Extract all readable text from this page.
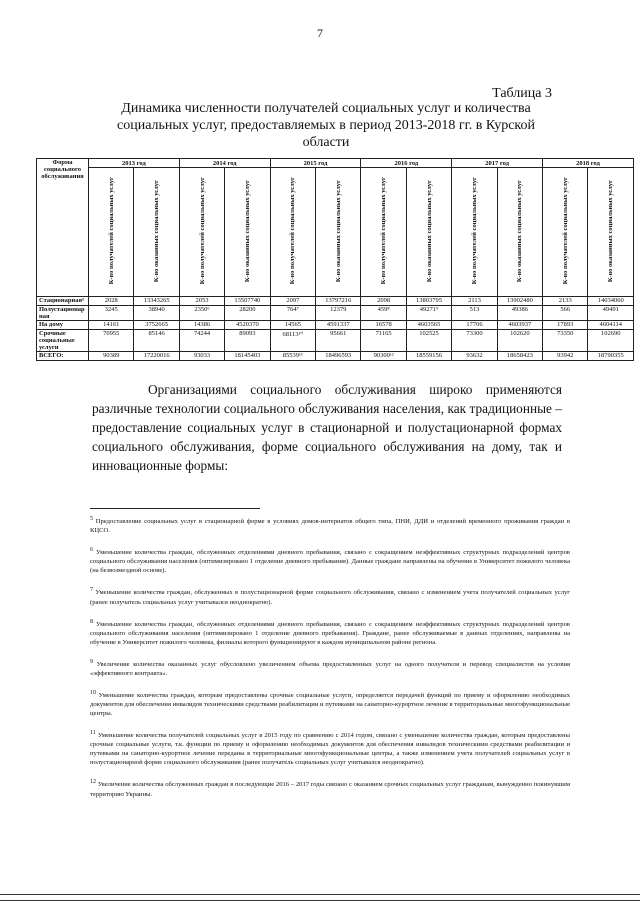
7
Таблица 3
Динамика численности получателей социальных услуг и количества социальных услуг, предоставляемых в период 2013-2018 гг. в Курской области
Форма социального обслуживания	2013 год		2014 год		2015 год		2016 год		2017 год		2018 год	
	К-во получателей социальных услуг	К-во оказанных социальных услуг	К-во получателей социальных услуг	К-во оказанных социальных услуг	К-во получателей социальных услуг	К-во оказанных социальных услуг	К-во получателей социальных услуг	К-во оказанных социальных услуг	К-во получателей социальных услуг	К-во оказанных социальных услуг	К-во получателей социальных услуг	К-во оказанных социальных услуг
Стационарная⁵	2028	13343265	2053	13507740	2097	13797216	2098	13803795	2113	13902480	2133	14034060
Полустационар ная	3245	38940	2350⁶	28200	764⁷	12379	459⁸	49271⁹	513	49386	566	49491
На дому	14161	3752665	14386	4520370	14565	4591337	16578	4603565	17706	4603937	17893	4604114
Срочные социальные услуги	70955	85146	74244	89093	68113¹⁰	95661	71165	102525	73300	102620	73350	102690
ВСЕГО:	90389	17220016	93033	18145403	85539¹¹	18496593	90300¹²	18559156	93632	18658423	93942	18790355
Организациями социального обслуживания широко применяются различные технологии социального обслуживания населения, как традиционные – предоставление социальных услуг в стационарной и полустационарной формах социального обслуживания, форме социального обслуживания на дому, так и инновационные формы:
$^5$ Предоставление социальных услуг в стационарной форме в условиях домов-интернатов общего типа, ПНИ, ДДИ и отделений временного проживания граждан в КЦСО.
$^6$ Уменьшение количества граждан, обслуженных отделениями дневного пребывания, связано с сокращением неэффективных структурных подразделений центров социального обслуживания населения (оптимизировано 1 отделение дневного пребывания). Данные граждане направлены на обучение в Университет пожилого человека (на безвозмездной основе).
$^7$ Уменьшение количества граждан, обслуженных в полустационарной форме социального обслуживания, связано с изменением учета получателей социальных услуг (ранее получатель социальных услуг учитывался неоднократно).
$^8$ Уменьшение количества граждан, обслуженных отделениями дневного пребывания, связано с сокращением неэффективных структурных подразделений центров социального обслуживания населения (оптимизировано 1 отделение дневного пребывания). Граждане, ранее обслуживаемые в данных отделениях, направлены на обучение в Университет пожилого человека, филиалы которого функционируют в каждом муниципальном районе региона.
$^9$ Увеличение количества оказанных услуг обусловлено увеличением объема предоставленных услуг на одного получателя и перевод специалистов на условия «эффективного контракта».
$^{10}$ Уменьшение количества граждан, которым предоставлены срочные социальные услуги, определяется передачей функций по приему и оформлению необходимых документов для обеспечения инвалидов техническими средствами реабилитации и путевками на санаторно-курортное лечение в территориальные многофункциональные центры.
$^{11}$ Уменьшение количества получателей социальных услуг в 2015 году по сравнению с 2014 годом, связано с уменьшение количества граждан, которым предоставлены срочные социальные услуги, т.к. функции по приему и оформлению необходимых документов для обеспечения инвалидов техническими средствами реабилитации и путевками на санаторно-курортное лечение переданы в территориальные многофункциональные центры, а также изменением учета получателей социальных услуг в полустационарной форме социального обслуживания (ранее получатель социальных услуг учитывался неоднократно).
$^{12}$ Увеличение количества обслуженных граждан в последующие 2016 – 2017 годы связано с оказанием срочных социальных услуг гражданам, вынужденно покинувшим территорию Украины.
